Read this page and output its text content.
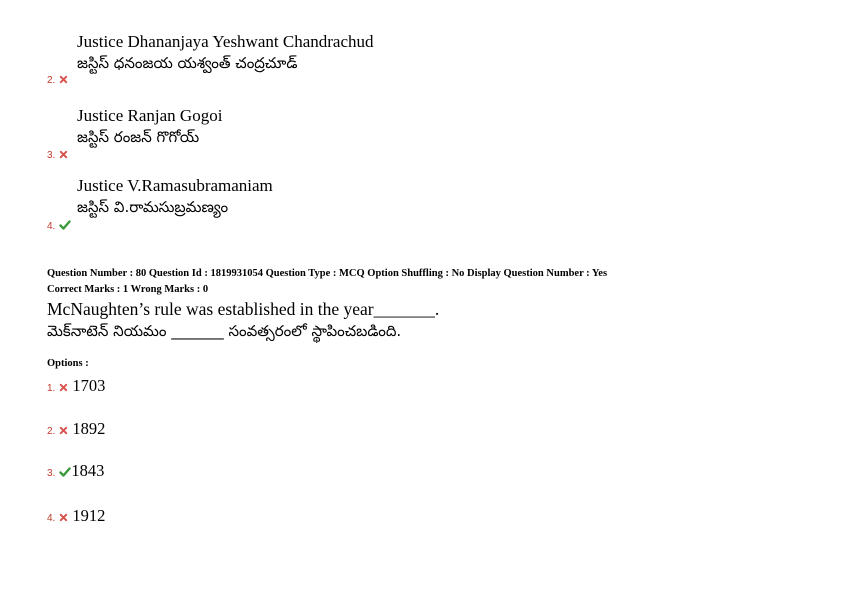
Justice Dhananjaya Yeshwant Chandrachud
జస్టిస్ ధనంజయ యశ్వంత్ చంద్రచూడ్
2.
Justice Ranjan Gogoi
జస్టిస్ రంజన్ గొగోయ్
3.
Justice V.Ramasubramaniam
జస్టిస్ వి.రామసుబ్రమణ్యం
4.
Question Number : 80 Question Id : 1819931054 Question Type : MCQ Option Shuffling : No Display Question Number : Yes
Correct Marks : 1 Wrong Marks : 0
McNaughten’s rule was established in the year_______.
మెక్‌నాటెన్ నియమం _______ సంవత్సరంలో స్థాపించబడింది.
Options :
1. 1703
2. 1892
3. 1843
4. 1912
